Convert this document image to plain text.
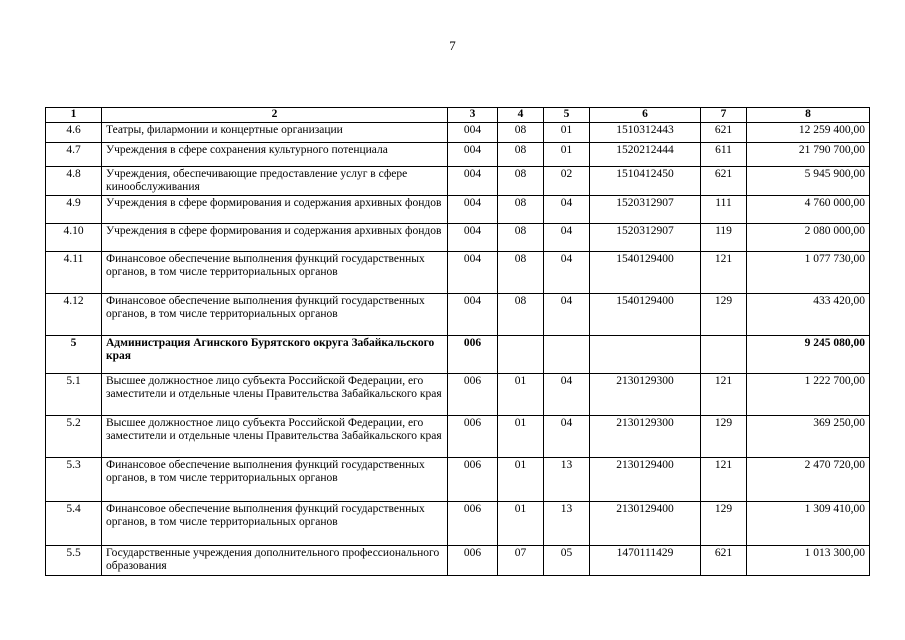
7
1	2	3	4	5	6	7	8
4.6	Театры, филармонии и концертные организации	004	08	01	1510312443	621	12 259 400,00
4.7	Учреждения в сфере сохранения культурного потенциала	004	08	01	1520212444	611	21 790 700,00
4.8	Учреждения, обеспечивающие предоставление услуг в сфере кинообслуживания	004	08	02	1510412450	621	5 945 900,00
4.9	Учреждения в сфере формирования и содержания архивных фондов	004	08	04	1520312907	111	4 760 000,00
4.10	Учреждения в сфере формирования и содержания архивных фондов	004	08	04	1520312907	119	2 080 000,00
4.11	Финансовое обеспечение выполнения функций государственных органов, в том числе территориальных органов	004	08	04	1540129400	121	1 077 730,00
4.12	Финансовое обеспечение выполнения функций государственных органов, в том числе территориальных органов	004	08	04	1540129400	129	433 420,00
5	Администрация Агинского Бурятского округа Забайкальского края	006					9 245 080,00
5.1	Высшее должностное лицо субъекта Российской Федерации, его заместители и отдельные члены Правительства Забайкальского края	006	01	04	2130129300	121	1 222 700,00
5.2	Высшее должностное лицо субъекта Российской Федерации, его заместители и отдельные члены Правительства Забайкальского края	006	01	04	2130129300	129	369 250,00
5.3	Финансовое обеспечение выполнения функций государственных органов, в том числе территориальных органов	006	01	13	2130129400	121	2 470 720,00
5.4	Финансовое обеспечение выполнения функций государственных органов, в том числе территориальных органов	006	01	13	2130129400	129	1 309 410,00
5.5	Государственные учреждения дополнительного профессионального образования	006	07	05	1470111429	621	1 013 300,00
